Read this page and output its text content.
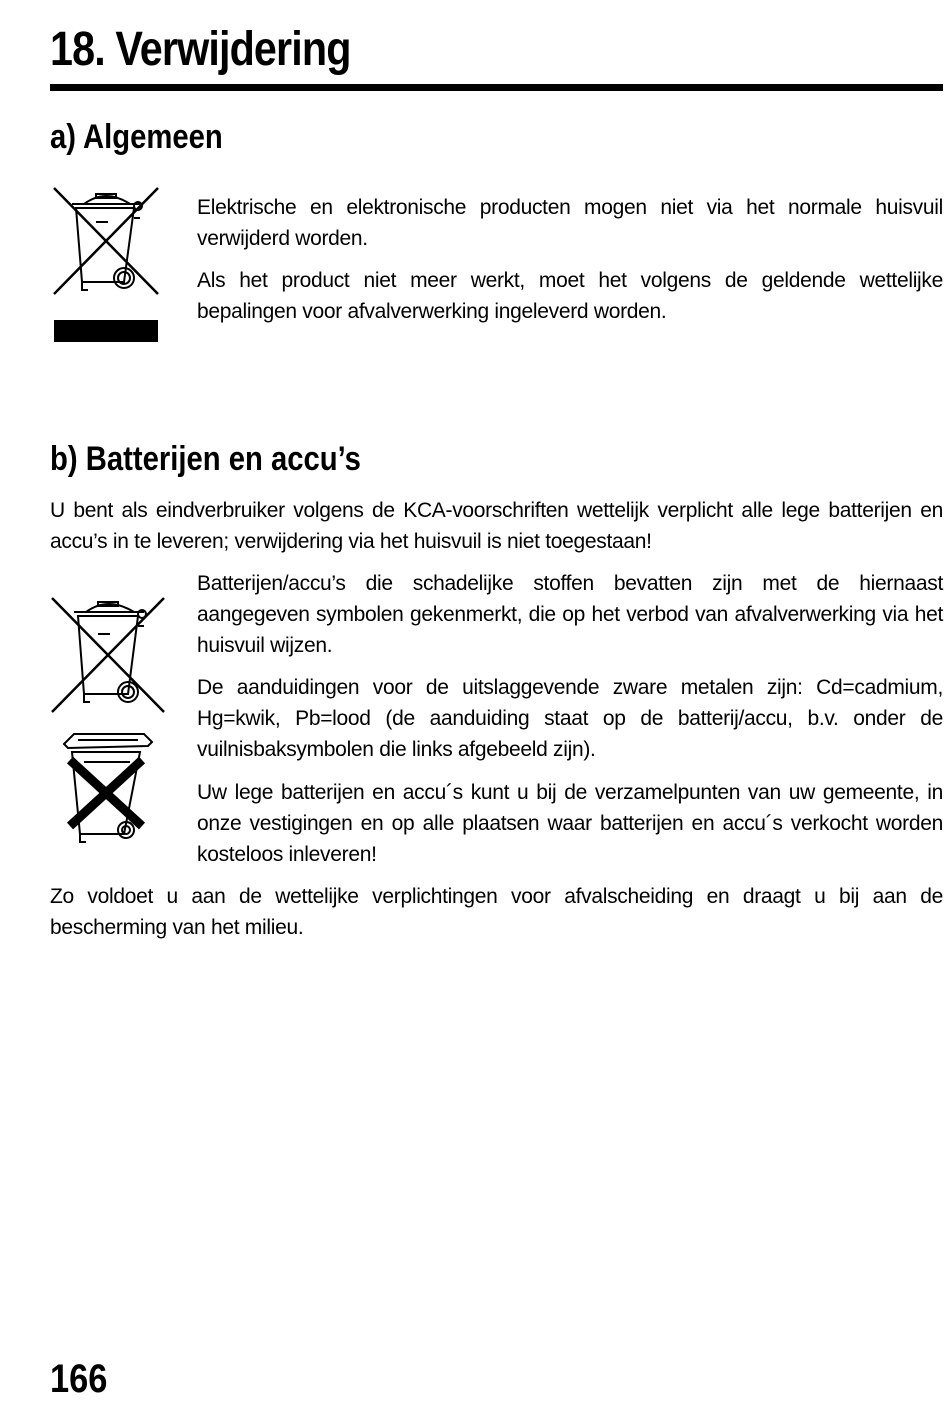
18. Verwijdering
a) Algemeen

Elektrische en elektronische producten mogen niet via het normale huisvuil verwijderd worden.

Als het product niet meer werkt, moet het volgens de geldende wettelijke bepalingen voor afvalverwerking ingeleverd worden.

b) Batterijen en accu’s

U bent als eindverbruiker volgens de KCA-voorschriften wettelijk verplicht alle lege batterijen en accu’s in te leveren; verwijdering via het huisvuil is niet toegestaan!

Batterijen/accu’s die schadelijke stoffen bevatten zijn met de hiernaast aangegeven symbolen gekenmerkt, die op het verbod van afvalverwerking via het huisvuil wijzen.

De aanduidingen voor de uitslaggevende zware metalen zijn: Cd=cadmium, Hg=kwik, Pb=lood (de aanduiding staat op de batterij/accu, b.v. onder de vuilnisbaksymbolen die links afgebeeld zijn).

Uw lege batterijen en accu´s kunt u bij de verzamelpunten van uw gemeente, in onze vestigingen en op alle plaatsen waar batterijen en accu´s verkocht worden kosteloos inleveren!

Zo voldoet u aan de wettelijke verplichtingen voor afvalscheiding en draagt u bij aan de bescherming van het milieu.

166
